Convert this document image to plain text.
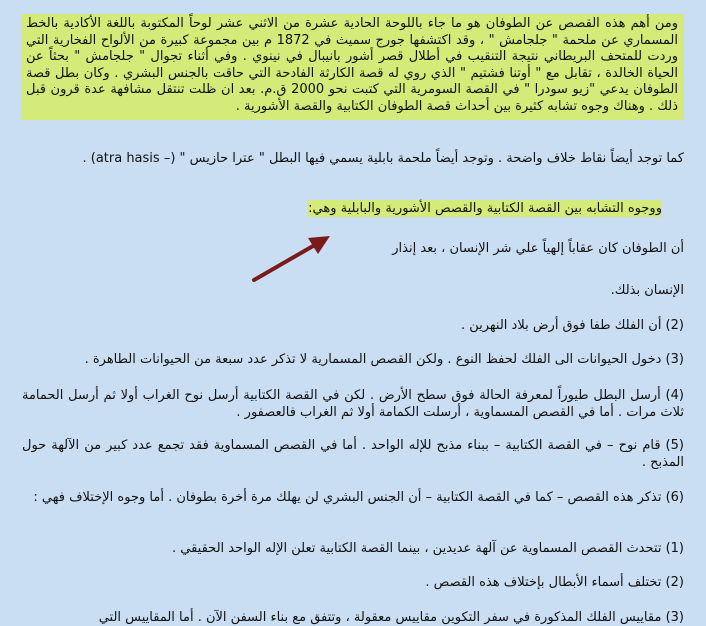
ومن أهم هذه القصص عن الطوفان هو ما جاء باللوحة الحادية عشرة من الاثني عشر لوحاً المكتوبة باللغة الأكادية بالخط المسماري عن ملحمة " جلجامش " ، وقد اكتشفها جورج سميث في 1872 م بين مجموعة كبيرة من الألواح الفخارية التي وردت للمتحف البريطاني نتيجة التنقيب في أطلال قصر أشور بانيبال في نينوي . وفي أثناء تجوال " جلجامش " بحثاً عن الحياة الخالدة ، تقابل مع " أوتنا فشتيم " الذي روي له قصة الكارثة الفادحة التي حاقت بالجنس البشري . وكان بطل قصة الطوفان يدعي "زيو سودرا " في القصة السومرية التي كتبت نحو 2000 ق.م. بعد ان ظلت تنتقل مشافهة عدة قرون قبل ذلك . وهناك وجوه تشابه كثيرة بين أحداث قصة الطوفان الكتابية والقصة الأشورية .

كما توجد أيضاً نقاط خلاف واضحة . وتوجد أيضاً ملحمة بابلية يسمي فيها البطل " عترا حازيس " (– atra hasis) .

ووجوه التشابه بين القصة الكتابية والقصص الأشورية والبابلية وهي:

أن الطوفان كان عقاباً إلهياً علي شر الإنسان ، بعد إنذار

الإنسان بذلك.

(2) أن الفلك طفا فوق أرض بلاد النهرين .

(3) دخول الحيوانات الى الفلك لحفظ النوع . ولكن القصص المسمارية لا تذكر عدد سبعة من الحيوانات الطاهرة .

(4) أرسل البطل طيوراً لمعرفة الحالة فوق سطح الأرض . لكن في القصة الكتابية أرسل نوح الغراب أولا ثم أرسل الحمامة ثلاث مرات . أما في القصص المسماوية ، أرسلت الكمامة أولا ثم الغراب فالعصفور .

(5) قام نوح – في القصة الكتابية – ببناء مذبح للإله الواحد . أما في القصص المسماوية فقد تجمع عدد كبير من الآلهة حول المذبح .

(6) تذكر هذه القصص – كما في القصة الكتابية – أن الجنس البشري لن يهلك مرة أخرة بطوفان . أما وجوه الإختلاف فهي :

(1) تتحدث القصص المسماوية عن آلهة عديدين ، بينما القصة الكتابية تعلن الإله الواحد الحقيقي .

(2) تختلف أسماء الأبطال بإختلاف هذه القصص .

(3) مقاييس الفلك المذكورة في سفر التكوين مقاييس معقولة ، وتتفق مع بناء السفن الآن . أما المقاييس التي
